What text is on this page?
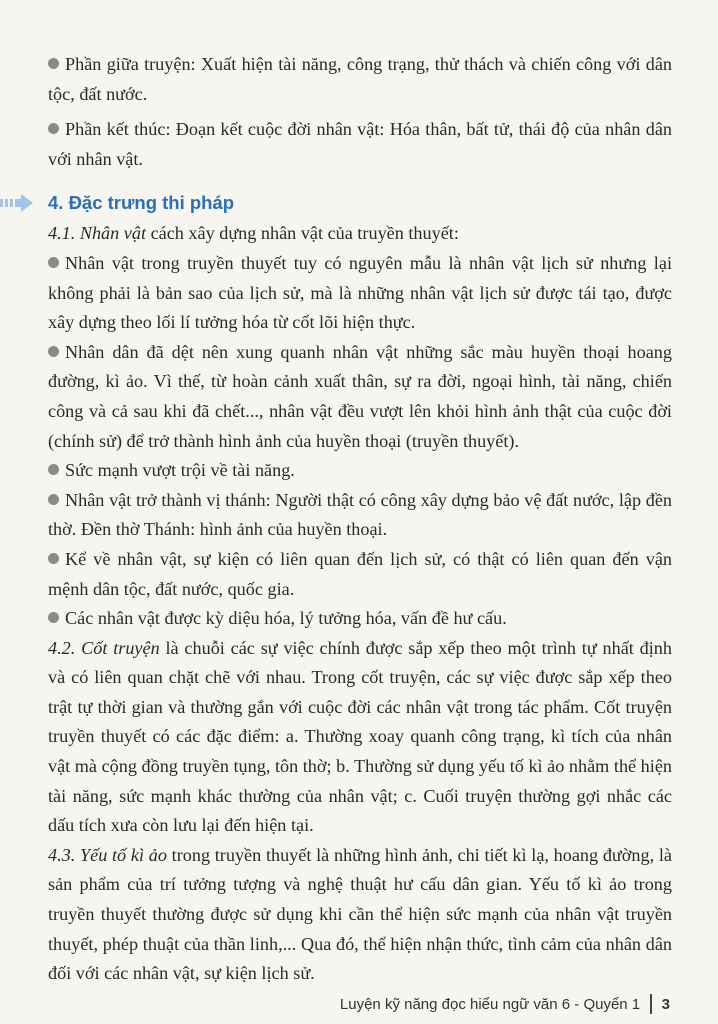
Phần giữa truyện: Xuất hiện tài năng, công trạng, thử thách và chiến công với dân tộc, đất nước.

Phần kết thúc: Đoạn kết cuộc đời nhân vật: Hóa thân, bất tử, thái độ của nhân dân với nhân vật.

4. Đặc trưng thi pháp

4.1. Nhân vật cách xây dựng nhân vật của truyền thuyết:

Nhân vật trong truyền thuyết tuy có nguyên mẫu là nhân vật lịch sử nhưng lại không phải là bản sao của lịch sử, mà là những nhân vật lịch sử được tái tạo, được xây dựng theo lối lí tưởng hóa từ cốt lõi hiện thực.

Nhân dân đã dệt nên xung quanh nhân vật những sắc màu huyền thoại hoang đường, kì ảo. Vì thế, từ hoàn cảnh xuất thân, sự ra đời, ngoại hình, tài năng, chiến công và cả sau khi đã chết..., nhân vật đều vượt lên khỏi hình ảnh thật của cuộc đời (chính sử) để trở thành hình ảnh của huyền thoại (truyền thuyết).

Sức mạnh vượt trội về tài năng.

Nhân vật trở thành vị thánh: Người thật có công xây dựng bảo vệ đất nước, lập đền thờ. Đền thờ Thánh: hình ảnh của huyền thoại.

Kể về nhân vật, sự kiện có liên quan đến lịch sử, có thật có liên quan đến vận mệnh dân tộc, đất nước, quốc gia.

Các nhân vật được kỳ diệu hóa, lý tưởng hóa, vấn đề hư cấu.

4.2. Cốt truyện là chuỗi các sự việc chính được sắp xếp theo một trình tự nhất định và có liên quan chặt chẽ với nhau. Trong cốt truyện, các sự việc được sắp xếp theo trật tự thời gian và thường gắn với cuộc đời các nhân vật trong tác phẩm. Cốt truyện truyền thuyết có các đặc điểm: a. Thường xoay quanh công trạng, kì tích của nhân vật mà cộng đồng truyền tụng, tôn thờ; b. Thường sử dụng yếu tố kì ảo nhằm thể hiện tài năng, sức mạnh khác thường của nhân vật; c. Cuối truyện thường gợi nhắc các dấu tích xưa còn lưu lại đến hiện tại.

4.3. Yếu tố kì ảo trong truyền thuyết là những hình ảnh, chi tiết kì lạ, hoang đường, là sản phẩm của trí tưởng tượng và nghệ thuật hư cấu dân gian. Yếu tố kì ảo trong truyền thuyết thường được sử dụng khi cần thể hiện sức mạnh của nhân vật truyền thuyết, phép thuật của thần linh,... Qua đó, thể hiện nhận thức, tình cảm của nhân dân đối với các nhân vật, sự kiện lịch sử.

Luyện kỹ năng đọc hiểu ngữ văn 6 - Quyển 1 3
